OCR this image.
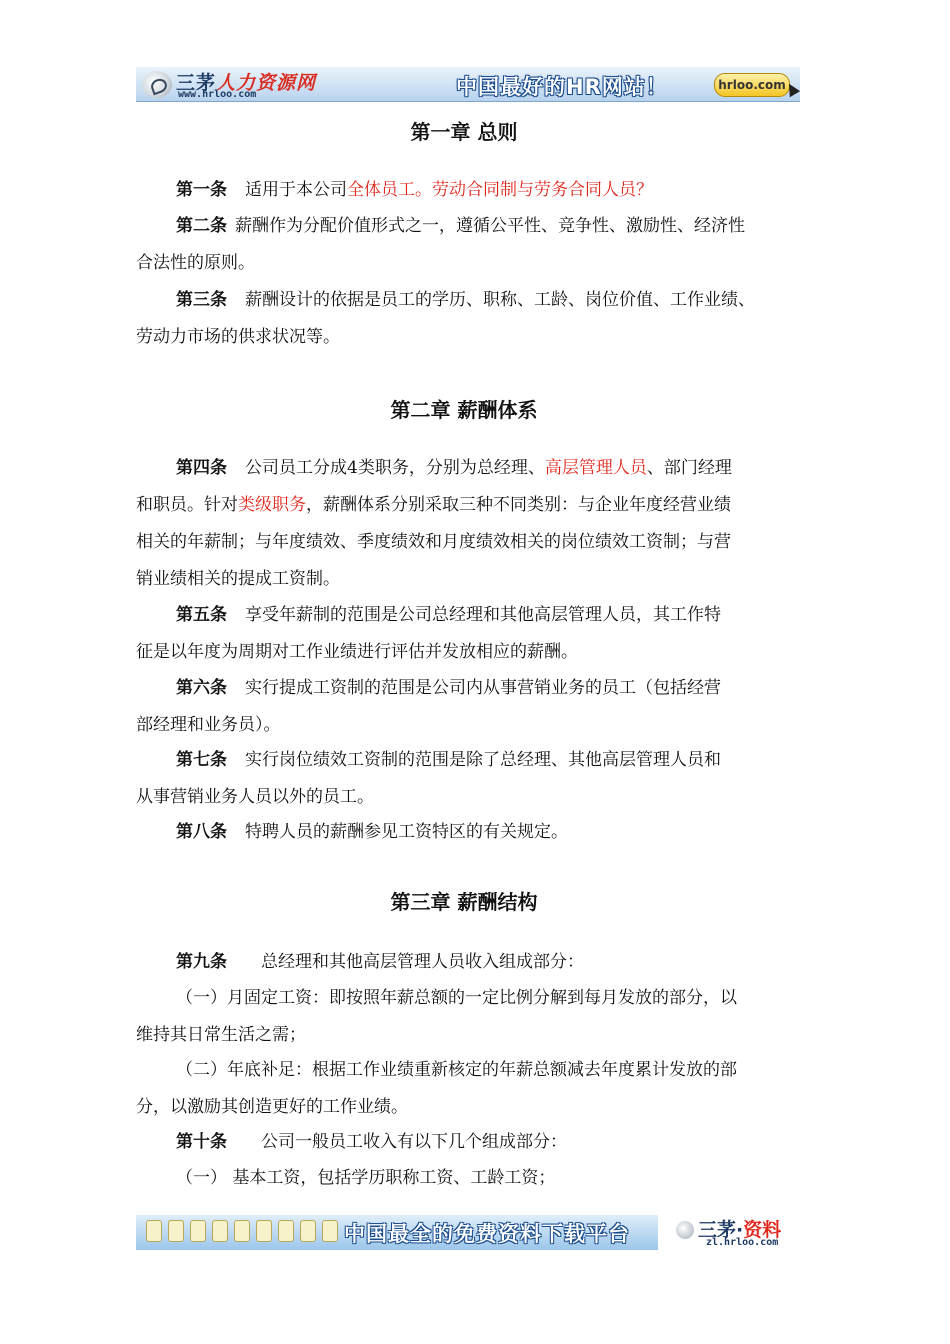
三茅人力资源网
www.hrloo.com	中国最好的HR网站！	hrloo.com
第一章 总则

第一条 适用于本公司全体员工。劳动合同制与劳务合同人员？

第二条 薪酬作为分配价值形式之一，遵循公平性、竞争性、激励性、经济性
合法性的原则。

第三条 薪酬设计的依据是员工的学历、职称、工龄、岗位价值、工作业绩、
劳动力市场的供求状况等。

第二章 薪酬体系

第四条 公司员工分成4类职务，分别为总经理、高层管理人员、部门经理
和职员。针对类级职务，薪酬体系分别采取三种不同类别：与企业年度经营业绩
相关的年薪制；与年度绩效、季度绩效和月度绩效相关的岗位绩效工资制；与营
销业绩相关的提成工资制。

第五条 享受年薪制的范围是公司总经理和其他高层管理人员，其工作特
征是以年度为周期对工作业绩进行评估并发放相应的薪酬。

第六条 实行提成工资制的范围是公司内从事营销业务的员工（包括经营
部经理和业务员）。

第七条 实行岗位绩效工资制的范围是除了总经理、其他高层管理人员和
从事营销业务人员以外的员工。

第八条 特聘人员的薪酬参见工资特区的有关规定。

第三章 薪酬结构

第九条 总经理和其他高层管理人员收入组成部分：

（一）月固定工资：即按照年薪总额的一定比例分解到每月发放的部分，以
维持其日常生活之需；

（二）年底补足：根据工作业绩重新核定的年薪总额减去年度累计发放的部
分，以激励其创造更好的工作业绩。

第十条 公司一般员工收入有以下几个组成部分：

（一） 基本工资，包括学历职称工资、工龄工资；

中国最全的免费资料下载平台	三茅·资料
zl.hrloo.com
